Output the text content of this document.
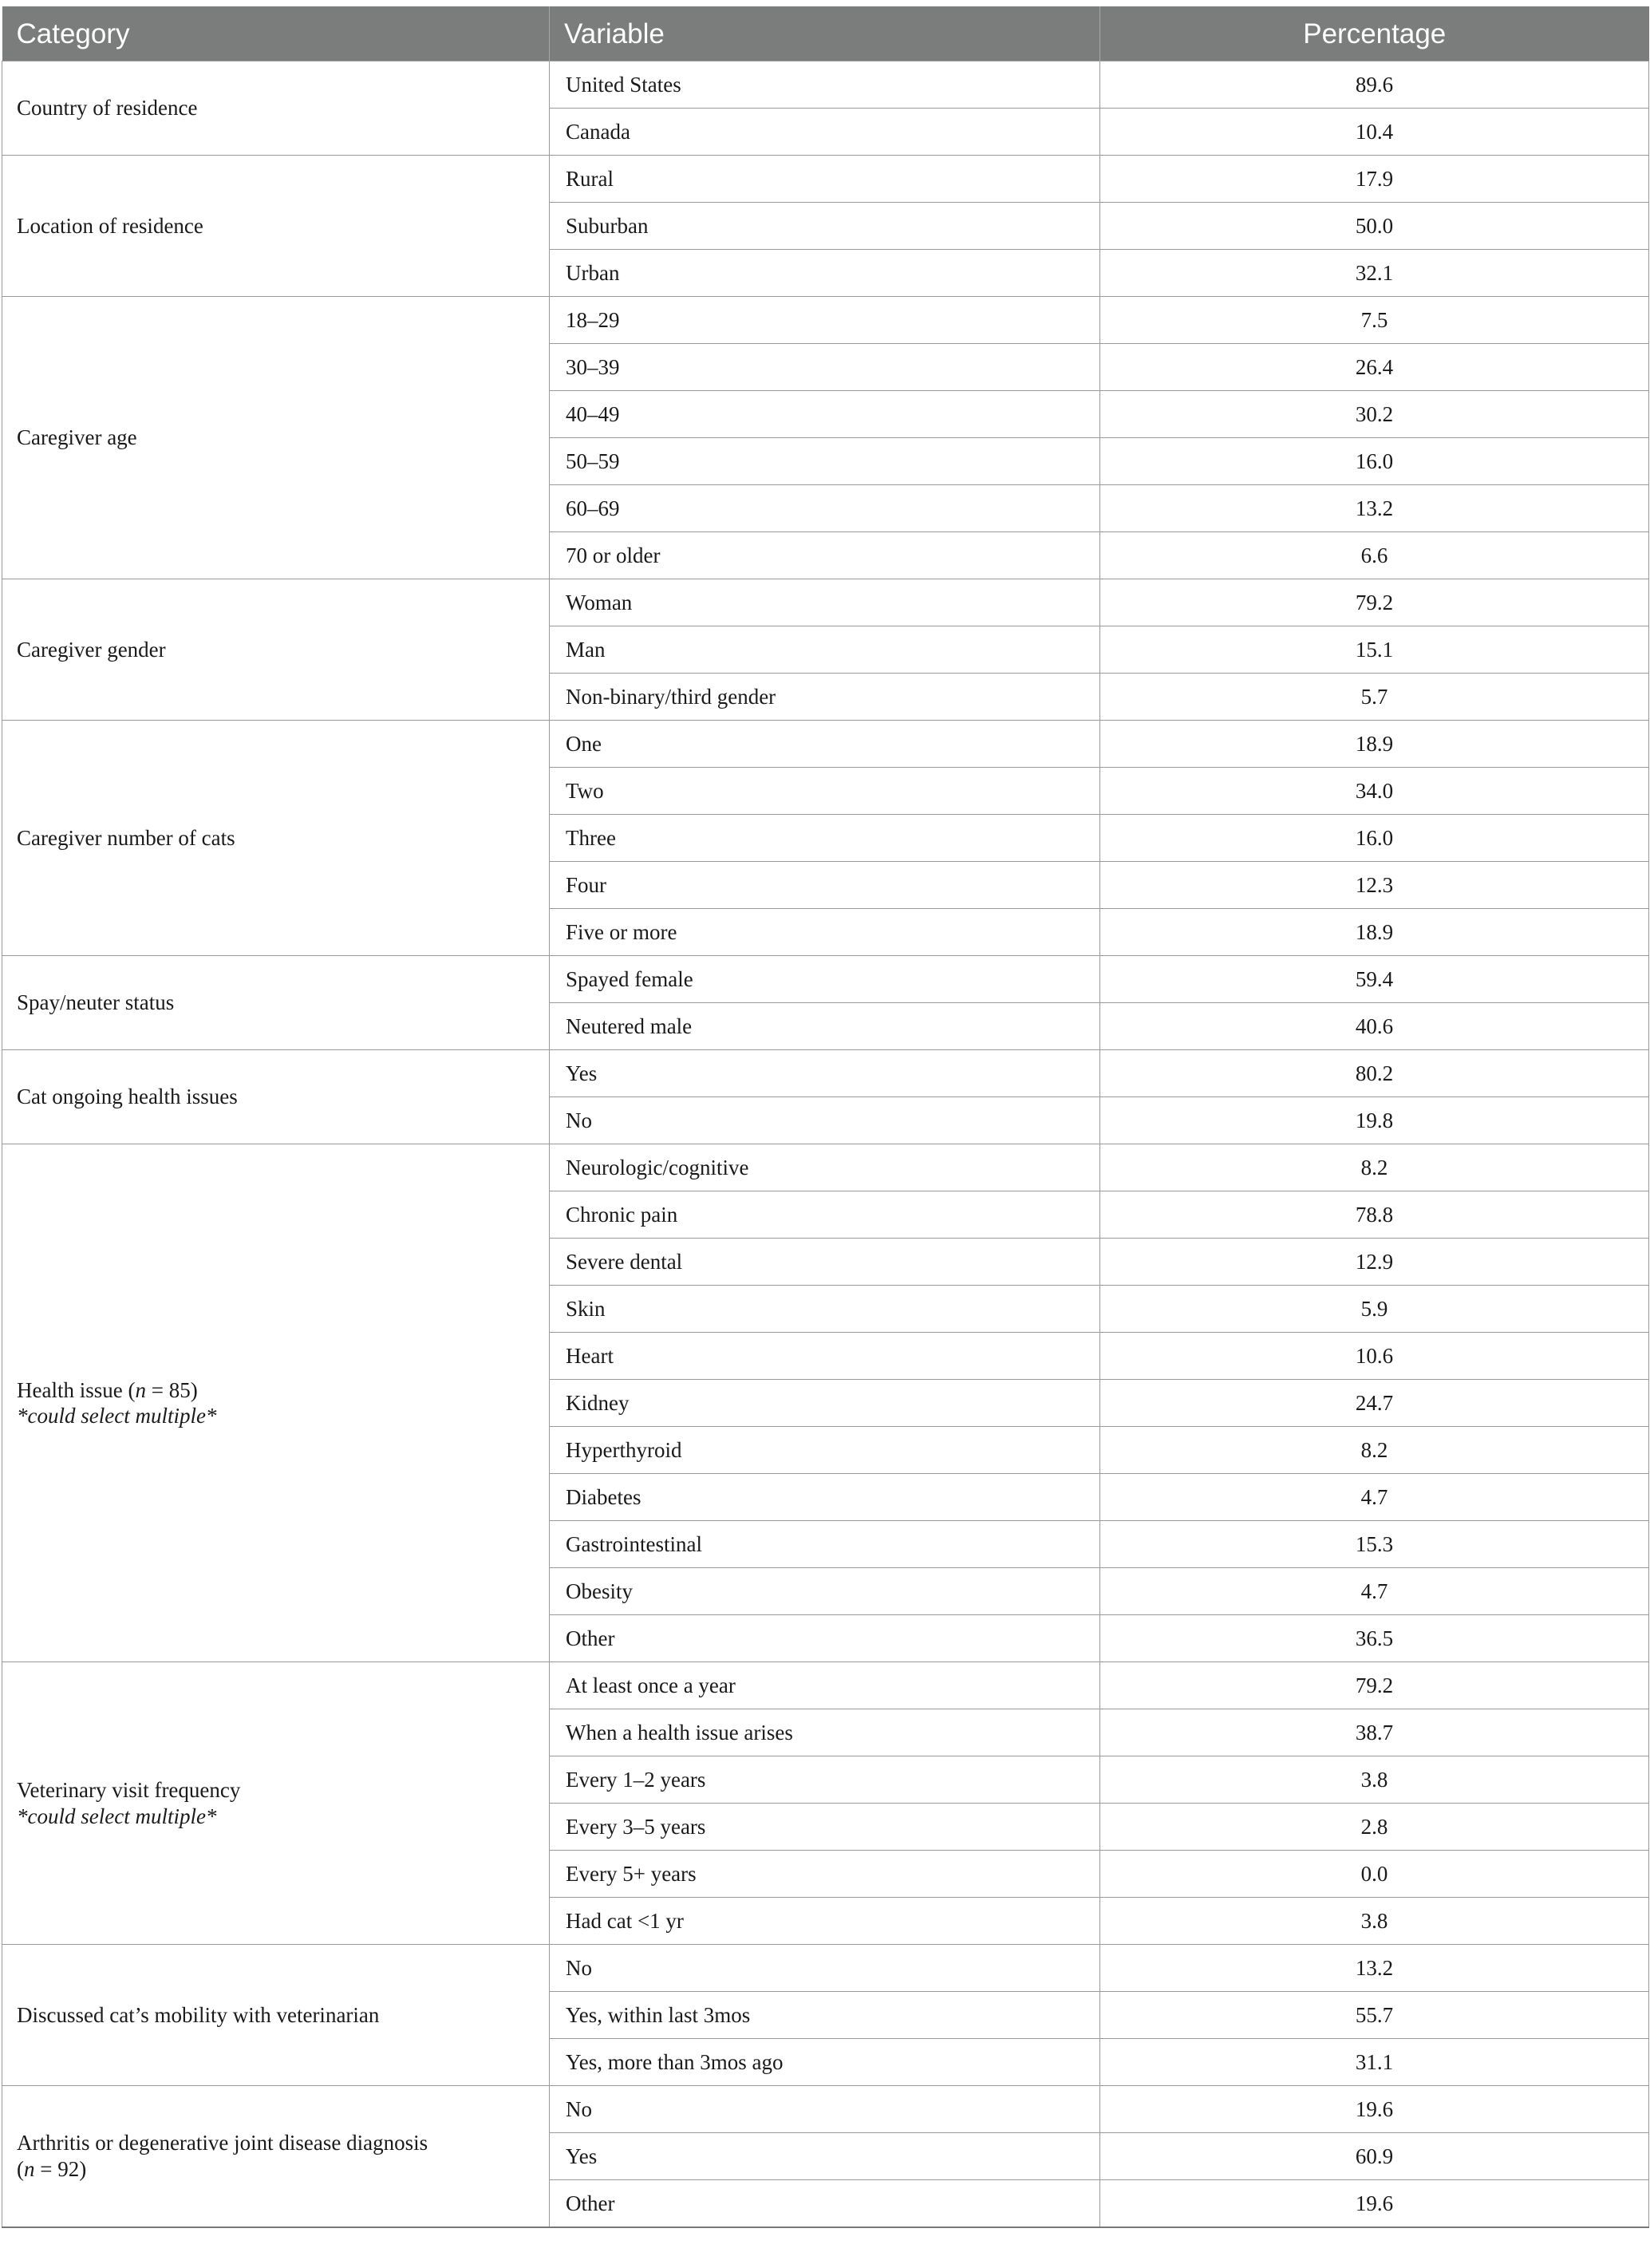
Category	Variable	Percentage
Country of residence	United States	89.6
	Canada	10.4
Location of residence	Rural	17.9
	Suburban	50.0
	Urban	32.1
Caregiver age	18–29	7.5
	30–39	26.4
	40–49	30.2
	50–59	16.0
	60–69	13.2
	70 or older	6.6
Caregiver gender	Woman	79.2
	Man	15.1
	Non-binary/third gender	5.7
Caregiver number of cats	One	18.9
	Two	34.0
	Three	16.0
	Four	12.3
	Five or more	18.9
Spay/neuter status	Spayed female	59.4
	Neutered male	40.6
Cat ongoing health issues	Yes	80.2
	No	19.8
Health issue (n = 85)
*could select multiple*	Neurologic/cognitive	8.2
	Chronic pain	78.8
	Severe dental	12.9
	Skin	5.9
	Heart	10.6
	Kidney	24.7
	Hyperthyroid	8.2
	Diabetes	4.7
	Gastrointestinal	15.3
	Obesity	4.7
	Other	36.5
Veterinary visit frequency
*could select multiple*	At least once a year	79.2
	When a health issue arises	38.7
	Every 1–2 years	3.8
	Every 3–5 years	2.8
	Every 5+ years	0.0
	Had cat <1 yr	3.8
Discussed cat’s mobility with veterinarian	No	13.2
	Yes, within last 3mos	55.7
	Yes, more than 3mos ago	31.1
Arthritis or degenerative joint disease diagnosis
(n = 92)	No	19.6
	Yes	60.9
	Other	19.6
